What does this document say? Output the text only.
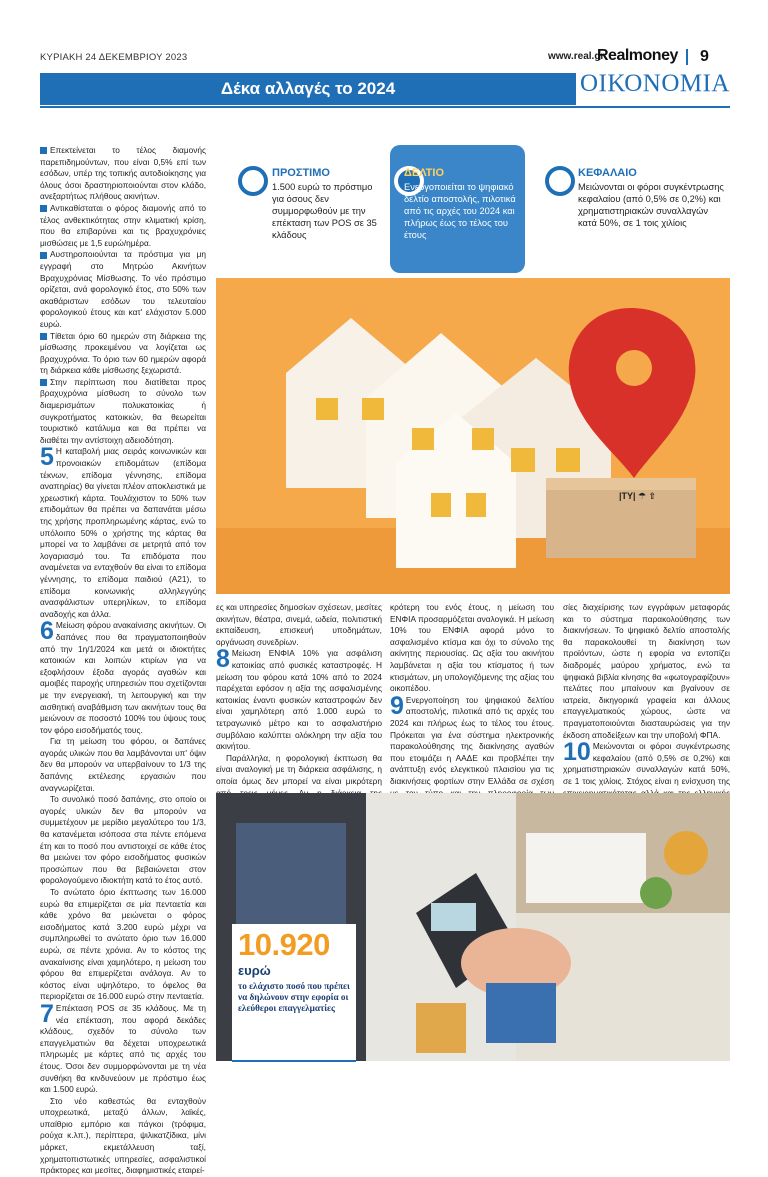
ΚΥΡΙΑΚΗ 24 ΔΕΚΕΜΒΡΙΟΥ 2023	www.real.gr
Realmoney 9
Δέκα αλλαγές το 2024	ΟΙΚΟΝΟΜΙΑ
ΠΡΟΣΤΙΜΟ
1.500 ευρώ το πρόστιμο για όσους δεν συμμορφωθούν με την επέκταση των POS σε 35 κλάδους
ΔΕΛΤΙΟ
Ενεργοποιείται το ψηφιακό δελτίο αποστολής, πιλοτικά από τις αρχές του 2024 και πλήρως έως το τέλος του έτους
ΚΕΦΑΛΑΙΟ
Μειώνονται οι φόροι συγκέντρωσης κεφαλαίου (από 0,5% σε 0,2%) και χρηματιστηριακών συναλλαγών κατά 50%, σε 1 τοις χιλίοις
|ΤΥ| ☂ ⇧

Επεκτείνεται το τέλος διαμονής παρεπιδημούντων, που είναι 0,5% επί των εσόδων, υπέρ της τοπικής αυτοδιοίκησης για όλους όσοι δραστηριοποιούνται στον κλάδο, ανεξαρτήτως πλήθους ακινήτων.

Αντικαθίσταται ο φόρος διαμονής από το τέλος ανθεκτικότητας στην κλιματική κρίση, που θα επιβαρύνει και τις βραχυχρόνιες μισθώσεις με 1,5 ευρώ/ημέρα.

Αυστηροποιούνται τα πρόστιμα για μη εγγραφή στο Μητρώο Ακινήτων Βραχυχρόνιας Μίσθωσης. Το νέο πρόστιμο ορίζεται, ανά φορολογικό έτος, στο 50% των ακαθάριστων εσόδων του τελευταίου φορολογικού έτους και κατ' ελάχιστον 5.000 ευρώ.

Τίθεται όριο 60 ημερών στη διάρκεια της μίσθωσης προκειμένου να λογίζεται ως βραχυχρόνια. Το όριο των 60 ημερών αφορά τη διάρκεια κάθε μίσθωσης ξεχωριστά.

Στην περίπτωση που διατίθεται προς βραχυχρόνια μίσθωση το σύνολο των διαμερισμάτων πολυκατοικίας ή συγκροτήματος κατοικιών, θα θεωρείται τουριστικό κατάλυμα και θα πρέπει να διαθέτει την αντίστοιχη αδειοδότηση.

5 Η καταβολή μιας σειράς κοινωνικών και προνοιακών επιδομάτων (επίδομα τέκνων, επίδομα γέννησης, επίδομα αναπηρίας) θα γίνεται πλέον αποκλειστικά με χρεωστική κάρτα. Τουλάχιστον το 50% των επιδομάτων θα πρέπει να δαπανάται μέσω της χρήσης προπληρωμένης κάρτας, ενώ το υπόλοιπο 50% ο χρήστης της κάρτας θα μπορεί να το λαμβάνει σε μετρητά από τον λογαριασμό του. Τα επιδόματα που αναμένεται να ενταχθούν θα είναι το επίδομα γέννησης, το επίδομα παιδιού (Α21), το επίδομα κοινωνικής αλληλεγγύης ανασφάλιστων υπερηλίκων, το επίδομα αναδοχής και άλλα.

6 Μείωση φόρου ανακαίνισης ακινήτων. Οι δαπάνες που θα πραγματοποιηθούν από την 1η/1/2024 και μετά οι ιδιοκτήτες κατοικιών και λοιπών κτιρίων για να εξοφλήσουν έξοδα αγοράς αγαθών και αμοιβές παροχής υπηρεσιών που σχετίζονται με την ενεργειακή, τη λειτουργική και την αισθητική αναβάθμιση των ακινήτων τους θα μειώνουν σε ποσοστό 100% του ύψους τους τον φόρο εισοδήματός τους.

Για τη μείωση του φόρου, οι δαπάνες αγοράς υλικών που θα λαμβάνονται υπ' όψιν δεν θα μπορούν να υπερβαίνουν το 1/3 της δαπάνης εκτέλεσης εργασιών που αναγνωρίζεται.

Το συνολικό ποσό δαπάνης, στο οποίο οι αγορές υλικών δεν θα μπορούν να συμμετέχουν με μερίδιο μεγαλύτερο του 1/3, θα κατανέμεται ισόποσα στα πέντε επόμενα έτη και το ποσό που αντιστοιχεί σε κάθε έτος θα μειώνει τον φόρο εισοδήματος φυσικών προσώπων που θα βεβαιώνεται στον φορολογούμενο ιδιοκτήτη κατά το έτος αυτό.

Το ανώτατο όριο έκπτωσης των 16.000 ευρώ θα επιμερίζεται σε μία πενταετία και κάθε χρόνο θα μειώνεται ο φόρος εισοδήματος κατά 3.200 ευρώ μέχρι να συμπληρωθεί το ανώτατο όριο των 16.000 ευρώ, σε πέντε χρόνια. Αν το κόστος της ανακαίνισης είναι χαμηλότερο, η μείωση του φόρου θα επιμερίζεται ανάλογα. Αν το κόστος είναι υψηλότερο, το όφελος θα περιορίζεται σε 16.000 ευρώ στην πενταετία.

7 Επέκταση POS σε 35 κλάδους. Με τη νέα επέκταση, που αφορά δεκάδες κλάδους, σχεδόν το σύνολο των επαγγελματιών θα δέχεται υποχρεωτικά πληρωμές με κάρτες από τις αρχές του έτους. Όσοι δεν συμμορφώνονται με τη νέα συνθήκη θα κινδυνεύουν με πρόστιμο έως και 1.500 ευρώ.

Στο νέο καθεστώς θα ενταχθούν υποχρεωτικά, μεταξύ άλλων, λαϊκές, υπαίθριο εμπόριο και πάγκοι (τρόφιμα, ρούχα κ.λπ.), περίπτερα, ψιλικατζίδικα, μίνι μάρκετ, εκμετάλλευση ταξί, χρηματοπιστωτικές υπηρεσίες, ασφαλιστικοί πράκτορες και μεσίτες, διαφημιστικές εταιρεί-

ες και υπηρεσίες δημοσίων σχέσεων, μεσίτες ακινήτων, θέατρα, σινεμά, ωδεία, πολιτιστική εκπαίδευση, επισκευή υποδημάτων, οργάνωση συνεδρίων.

8 Μείωση ΕΝΦΙΑ 10% για ασφάλιση κατοικίας από φυσικές καταστροφές. Η μείωση του φόρου κατά 10% από το 2024 παρέχεται εφόσον η αξία της ασφαλισμένης κατοικίας έναντι φυσικών καταστροφών δεν είναι χαμηλότερη από 1.000 ευρώ το τετραγωνικό μέτρο και το ασφαλιστήριο συμβόλαιο καλύπτει ολόκληρη την αξία του ακινήτου.

Παράλληλα, η φορολογική έκπτωση θα είναι αναλογική με τη διάρκεια ασφάλισης, η οποία όμως δεν μπορεί να είναι μικρότερη

κρότερη του ενός έτους, η μείωση του ΕΝΦΙΑ προσαρμόζεται αναλογικά. Η μείωση 10% του ΕΝΦΙΑ αφορά μόνο το ασφαλισμένο κτίσμα και όχι το σύνολο της ακίνητης περιουσίας. Ως αξία του ακινήτου λαμβάνεται η αξία του κτίσματος ή των κτισμάτων, μη υπολογιζόμενης της αξίας του οικοπέδου.

9 Ενεργοποίηση του ψηφιακού δελτίου αποστολής, πιλοτικά από τις αρχές του 2024 και πλήρως έως το τέλος του έτους. Πρόκειται για ένα σύστημα ηλεκτρονικής παρακολούθησης της διακίνησης αγαθών που ετοιμάζει η ΑΑΔΕ και προβλέπει την ανάπτυξη ενός ελεγκτικού πλαισίου για τις διακινήσεις φορτίων στην Ελλάδα σε σχέση

σίες διαχείρισης των εγγράφων μεταφοράς και το σύστημα παρακολούθησης των διακινήσεων. Το ψηφιακό δελτίο αποστολής θα παρακολουθεί τη διακίνηση των προϊόντων, ώστε η εφορία να εντοπίζει διαδρομές μαύρου χρήματος, ενώ τα ψηφιακά βιβλία κίνησης θα «φωτογραφίζουν» πελάτες που μπαίνουν και βγαίνουν σε ιατρεία, δικηγορικά γραφεία και άλλους επαγγελματικούς χώρους, ώστε να πραγματοποιούνται διασταυρώσεις για την έκδοση αποδείξεων και την υποβολή ΦΠΑ.

10 Μειώνονται οι φόροι συγκέντρωσης κεφαλαίου (από 0,5% σε 0,2%) και χρηματιστηριακών συναλλαγών κατά 50%, σε 1 τοις χιλίοις. Στόχος είναι η ενίσχυση της

10.920
ευρώ
το ελάχιστο ποσό που πρέπει να δηλώνουν στην εφορία οι ελεύθεροι επαγγελματίες
